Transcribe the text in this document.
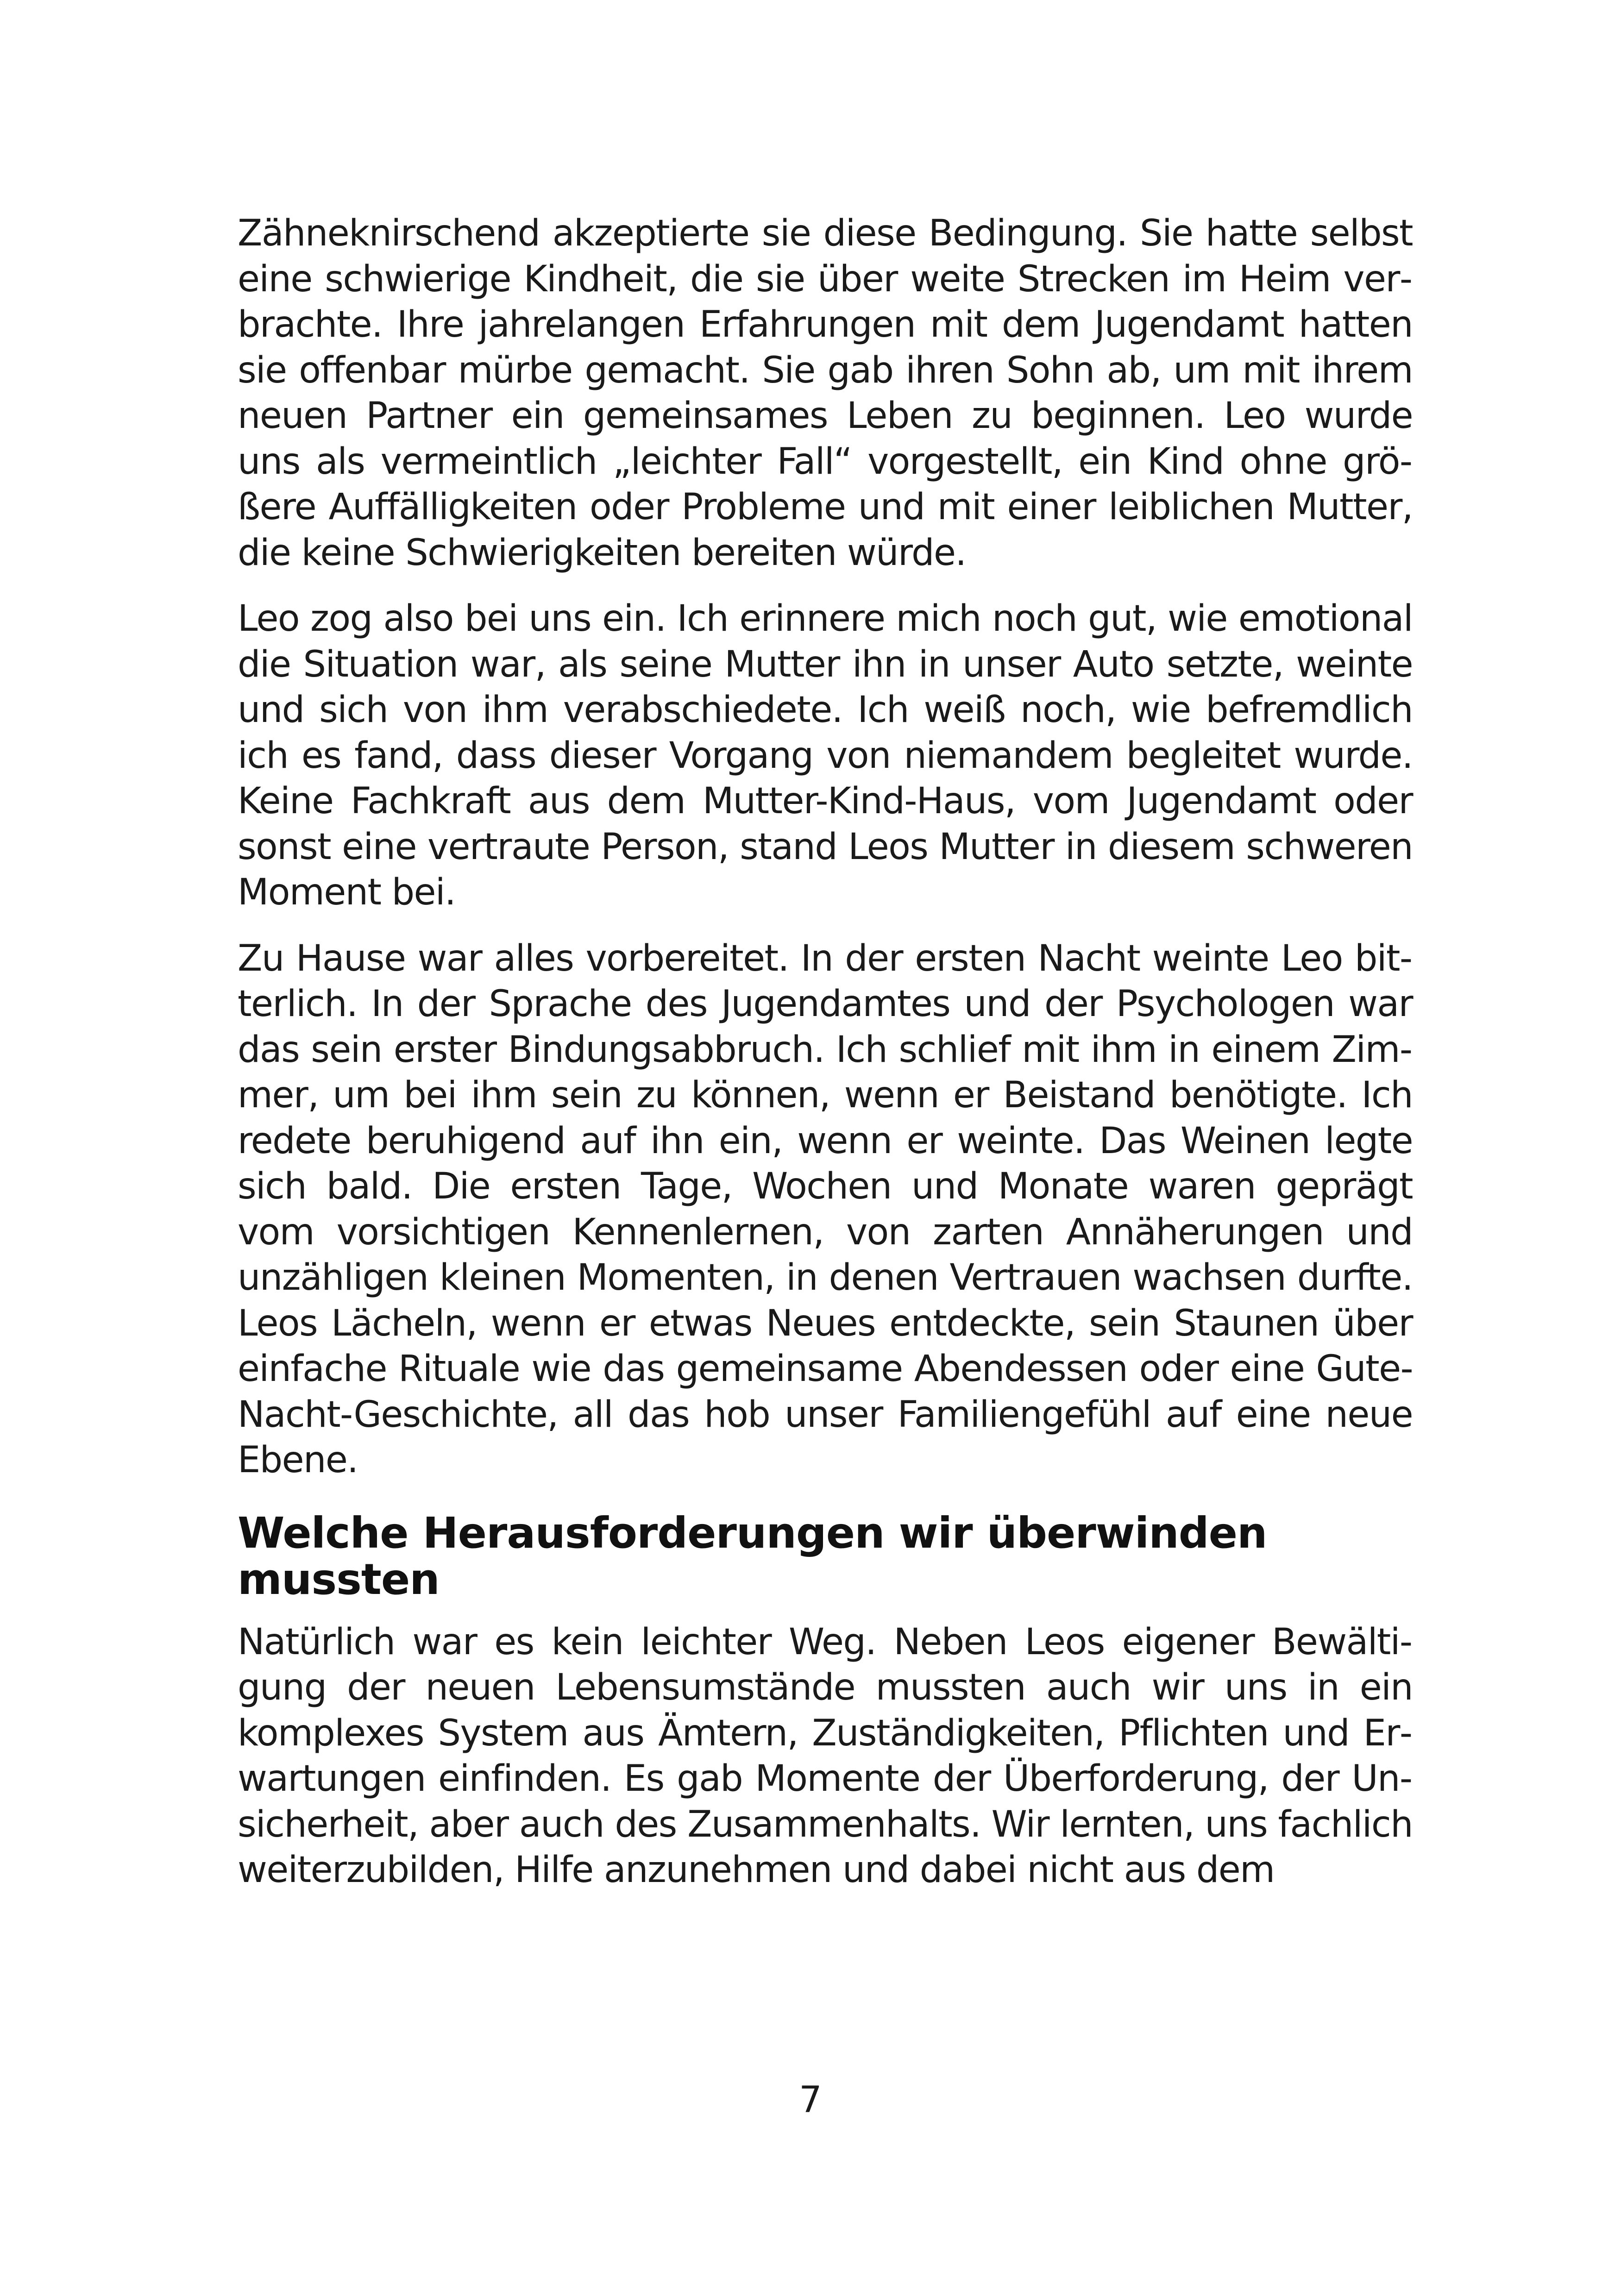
Zähneknirschend akzeptierte sie diese Bedingung. Sie hatte selbst eine schwierige Kindheit, die sie über weite Strecken im Heim verbrachte. Ihre jahrelangen Erfahrungen mit dem Jugendamt hatten sie offenbar mürbe gemacht. Sie gab ihren Sohn ab, um mit ihrem neuen Partner ein gemeinsames Leben zu beginnen. Leo wurde uns als vermeintlich „leichter Fall“ vorgestellt, ein Kind ohne größere Auffälligkeiten oder Probleme und mit einer leiblichen Mutter, die keine Schwierigkeiten bereiten würde.

Leo zog also bei uns ein. Ich erinnere mich noch gut, wie emotional die Situation war, als seine Mutter ihn in unser Auto setzte, weinte und sich von ihm verabschiedete. Ich weiß noch, wie befremdlich ich es fand, dass dieser Vorgang von niemandem begleitet wurde. Keine Fachkraft aus dem Mutter-Kind-Haus, vom Jugendamt oder sonst eine vertraute Person, stand Leos Mutter in diesem schweren Moment bei.

Zu Hause war alles vorbereitet. In der ersten Nacht weinte Leo bitterlich. In der Sprache des Jugendamtes und der Psychologen war das sein erster Bindungsabbruch. Ich schlief mit ihm in einem Zimmer, um bei ihm sein zu können, wenn er Beistand benötigte. Ich redete beruhigend auf ihn ein, wenn er weinte. Das Weinen legte sich bald. Die ersten Tage, Wochen und Monate waren geprägt vom vorsichtigen Kennenlernen, von zarten Annäherungen und unzähligen kleinen Momenten, in denen Vertrauen wachsen durfte. Leos Lächeln, wenn er etwas Neues entdeckte, sein Staunen über einfache Rituale wie das gemeinsame Abendessen oder eine Gute-Nacht-Geschichte, all das hob unser Familiengefühl auf eine neue Ebene.

Welche Herausforderungen wir überwinden mussten

Natürlich war es kein leichter Weg. Neben Leos eigener Bewältigung der neuen Lebensumstände mussten auch wir uns in ein komplexes System aus Ämtern, Zuständigkeiten, Pflichten und Erwartungen einfinden. Es gab Momente der Überforderung, der Unsicherheit, aber auch des Zusammenhalts. Wir lernten, uns fachlich weiterzubilden, Hilfe anzunehmen und dabei nicht aus dem

7
